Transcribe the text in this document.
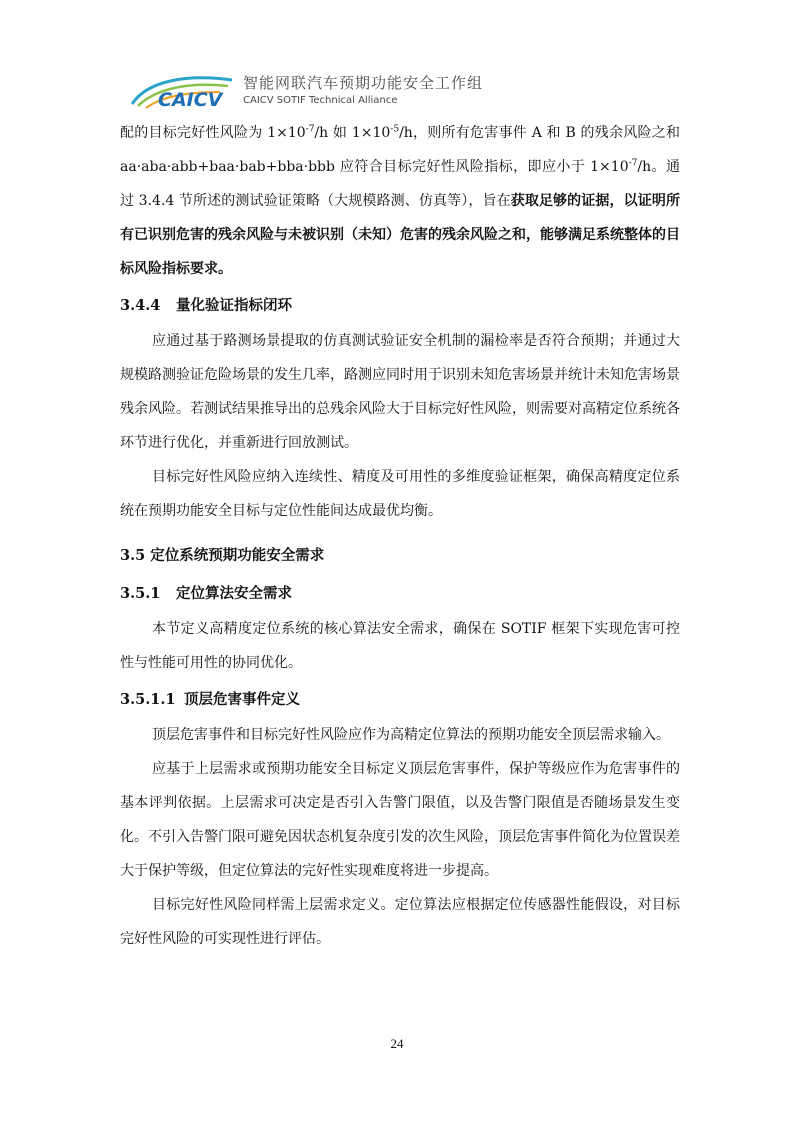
CAICV
智能网联汽车预期功能安全工作组
CAICV SOTIF Technical Alliance

配的目标完好性风险为 $1\times 10^{-7}/h$ 如 $1\times 10^{-5}/h$，则所有危害事件 A 和 B 的残余风险之和 aa·aba·abb+baa·bab+bba·bbb 应符合目标完好性风险指标，即应小于 $1\times 10^{-7}/h$。通过 3.4.4 节所述的测试验证策略（大规模路测、仿真等），旨在获取足够的证据，以证明所有已识别危害的残余风险与未被识别（未知）危害的残余风险之和，能够满足系统整体的目标风险指标要求。

3.4.4 量化验证指标闭环

应通过基于路测场景提取的仿真测试验证安全机制的漏检率是否符合预期；并通过大规模路测验证危险场景的发生几率，路测应同时用于识别未知危害场景并统计未知危害场景残余风险。若测试结果推导出的总残余风险大于目标完好性风险，则需要对高精定位系统各环节进行优化，并重新进行回放测试。

目标完好性风险应纳入连续性、精度及可用性的多维度验证框架，确保高精度定位系统在预期功能安全目标与定位性能间达成最优均衡。

3.5 定位系统预期功能安全需求
3.5.1 定位算法安全需求

本节定义高精度定位系统的核心算法安全需求，确保在 SOTIF 框架下实现危害可控性与性能可用性的协同优化。

3.5.1.1 顶层危害事件定义

顶层危害事件和目标完好性风险应作为高精定位算法的预期功能安全顶层需求输入。

应基于上层需求或预期功能安全目标定义顶层危害事件，保护等级应作为危害事件的基本评判依据。上层需求可决定是否引入告警门限值，以及告警门限值是否随场景发生变化。不引入告警门限可避免因状态机复杂度引发的次生风险，顶层危害事件简化为位置误差大于保护等级，但定位算法的完好性实现难度将进一步提高。

目标完好性风险同样需上层需求定义。定位算法应根据定位传感器性能假设，对目标完好性风险的可实现性进行评估。

24
